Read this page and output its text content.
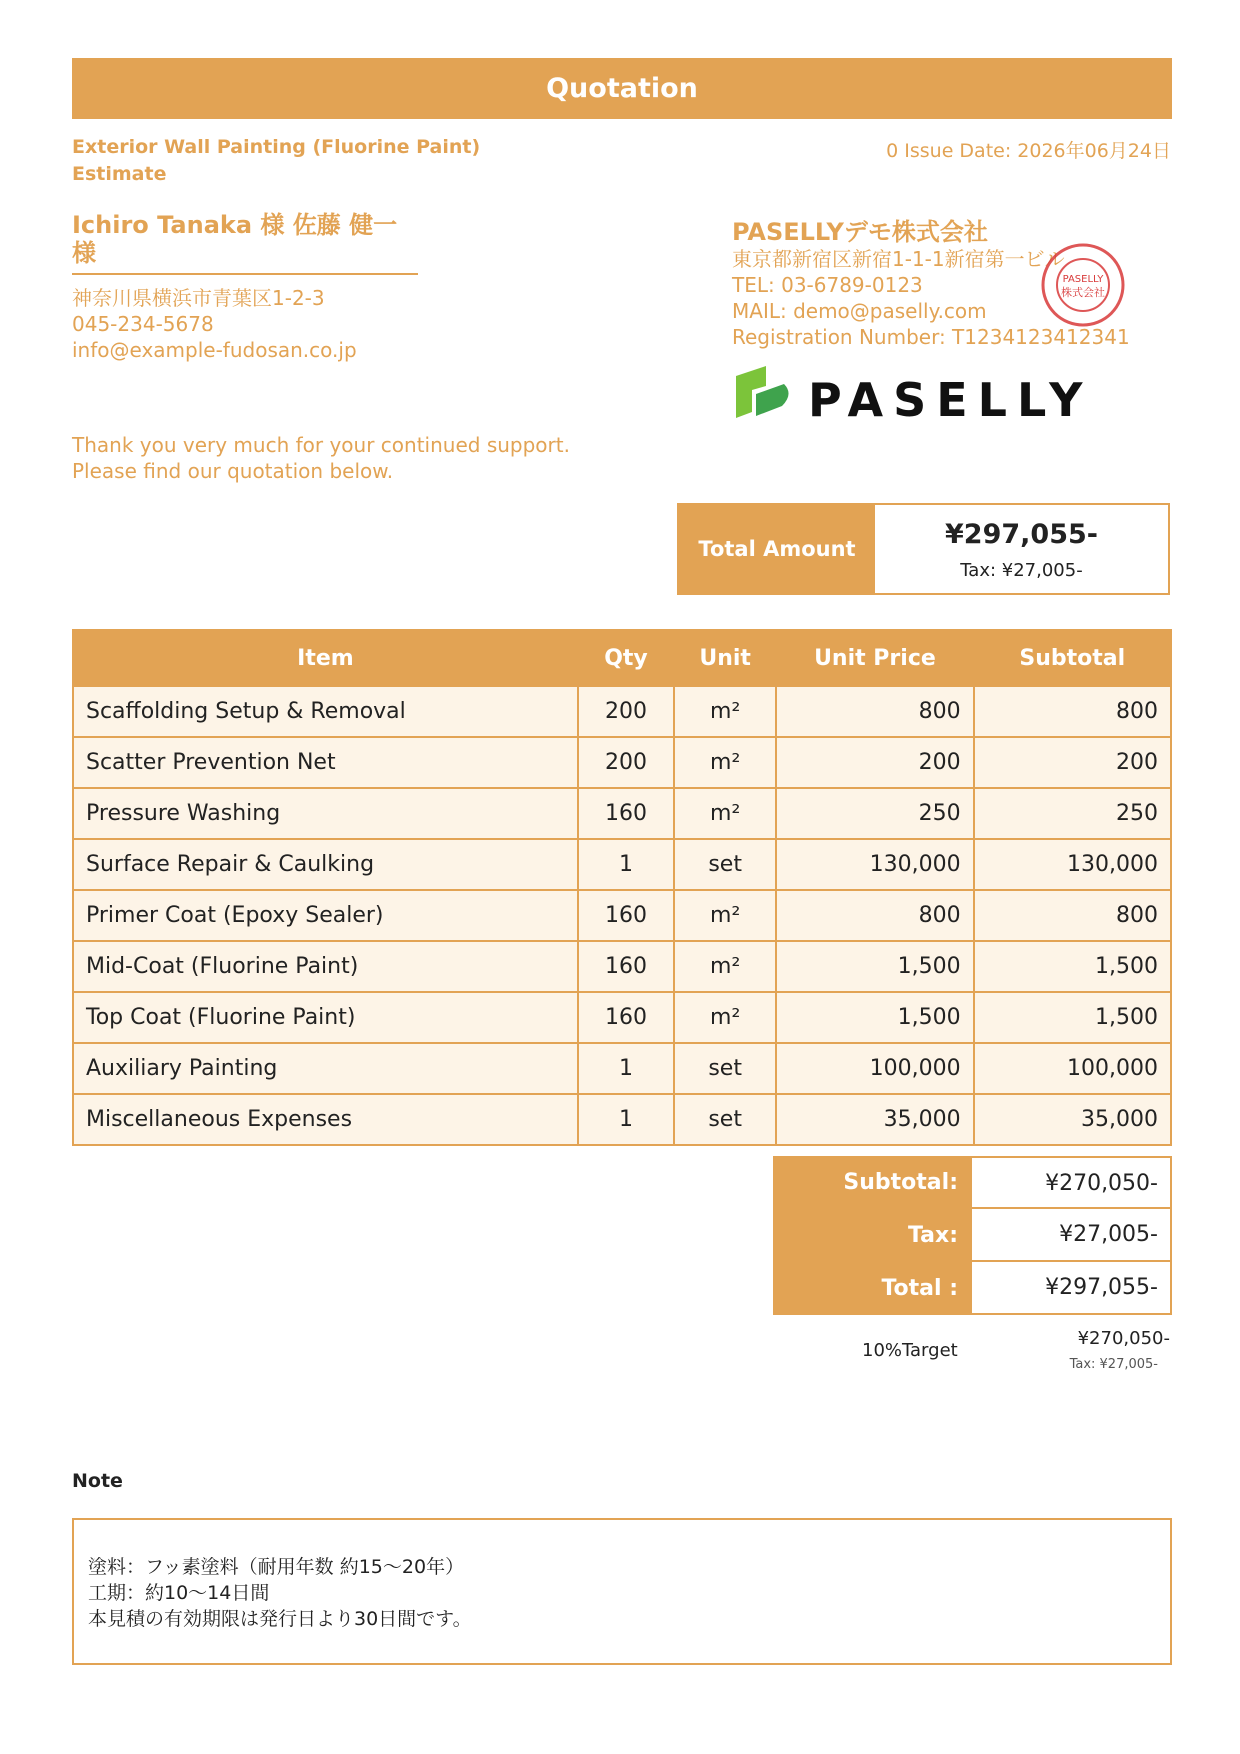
Quotation
Exterior Wall Painting (Fluorine Paint)
Estimate
0 Issue Date: 2026年06月24日
Ichiro Tanaka 様 佐藤 健一 様
神奈川県横浜市青葉区1-2-3
045-234-5678
info@example-fudosan.co.jp
Thank you very much for your continued support.
Please find our quotation below.
PASELLYデモ株式会社
東京都新宿区新宿1-1-1新宿第一ビル
TEL: 03-6789-0123
MAIL: demo@paselly.com
Registration Number: T1234123412341
PASELLY
株式会社
PASELLY
Total Amount	¥297,055-
Tax: ¥27,005-
Item	Qty	Unit	Unit Price	Subtotal
Scaffolding Setup & Removal	200	m²	800	800
Scatter Prevention Net	200	m²	200	200
Pressure Washing	160	m²	250	250
Surface Repair & Caulking	1	set	130,000	130,000
Primer Coat (Epoxy Sealer)	160	m²	800	800
Mid-Coat (Fluorine Paint)	160	m²	1,500	1,500
Top Coat (Fluorine Paint)	160	m²	1,500	1,500
Auxiliary Painting	1	set	100,000	100,000
Miscellaneous Expenses	1	set	35,000	35,000
Subtotal:	¥270,050-
Tax:	¥27,005-
Total :	¥297,055-
10%Target
¥270,050-
Tax: ¥27,005-
Note
塗料：フッ素塗料（耐用年数 約15〜20年）
工期：約10〜14日間
本見積の有効期限は発行日より30日間です。
